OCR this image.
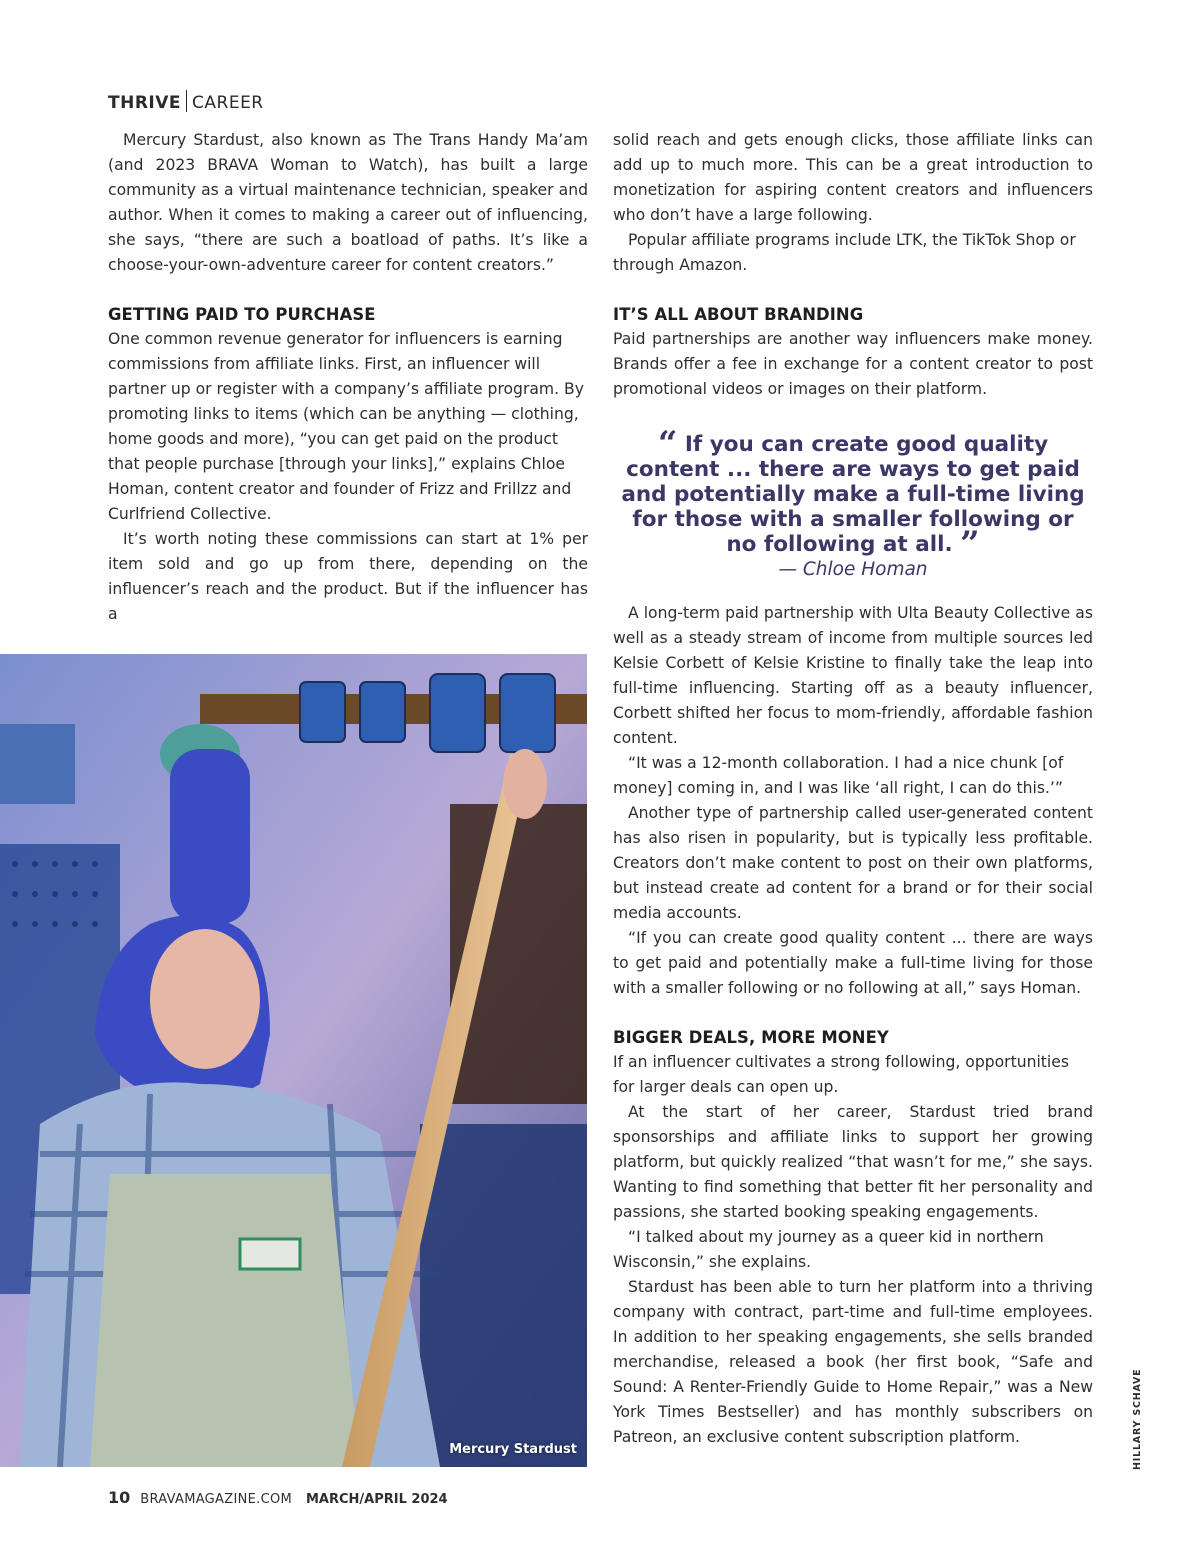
THRIVE CAREER

Mercury Stardust, also known as The Trans Handy Ma’am (and 2023 BRAVA Woman to Watch), has built a large community as a virtual maintenance technician, speaker and author. When it comes to making a career out of influencing, she says, “there are such a boatload of paths. It’s like a choose-your-own-adventure career for content creators.”

GETTING PAID TO PURCHASE

One common revenue generator for influencers is earning commissions from affiliate links. First, an influencer will partner up or register with a company’s affiliate program. By promoting links to items (which can be anything — clothing, home goods and more), “you can get paid on the product that people purchase [through your links],” explains Chloe Homan, content creator and founder of Frizz and Frillzz and Curlfriend Collective.

It’s worth noting these commissions can start at 1% per item sold and go up from there, depending on the influencer’s reach and the product. But if the influencer has a

Mercury Stardust

solid reach and gets enough clicks, those affiliate links can add up to much more. This can be a great introduction to monetization for aspiring content creators and influencers who don’t have a large following.

Popular affiliate programs include LTK, the TikTok Shop or through Amazon.

IT’S ALL ABOUT BRANDING

Paid partnerships are another way influencers make money. Brands offer a fee in exchange for a content creator to post promotional videos or images on their platform.

“ If you can create good quality content ... there are ways to get paid and potentially make a full-time living for those with a smaller following or no following at all. ”
— Chloe Homan

A long-term paid partnership with Ulta Beauty Collective as well as a steady stream of income from multiple sources led Kelsie Corbett of Kelsie Kristine to finally take the leap into full-time influencing. Starting off as a beauty influencer, Corbett shifted her focus to mom-friendly, affordable fashion content.

“It was a 12-month collaboration. I had a nice chunk [of money] coming in, and I was like ‘all right, I can do this.’”

Another type of partnership called user-generated content has also risen in popularity, but is typically less profitable. Creators don’t make content to post on their own platforms, but instead create ad content for a brand or for their social media accounts.

“If you can create good quality content ... there are ways to get paid and potentially make a full-time living for those with a smaller following or no following at all,” says Homan.

BIGGER DEALS, MORE MONEY

If an influencer cultivates a strong following, opportunities for larger deals can open up.

At the start of her career, Stardust tried brand sponsorships and affiliate links to support her growing platform, but quickly realized “that wasn’t for me,” she says. Wanting to find something that better fit her personality and passions, she started booking speaking engagements.

“I talked about my journey as a queer kid in northern Wisconsin,” she explains.

Stardust has been able to turn her platform into a thriving company with contract, part-time and full-time employees. In addition to her speaking engagements, she sells branded merchandise, released a book (her first book, “Safe and Sound: A Renter-Friendly Guide to Home Repair,” was a New York Times Bestseller) and has monthly subscribers on Patreon, an exclusive content subscription platform.	HILLARY SCHAVE
10 BRAVAMAGAZINE.COM MARCH/APRIL 2024
